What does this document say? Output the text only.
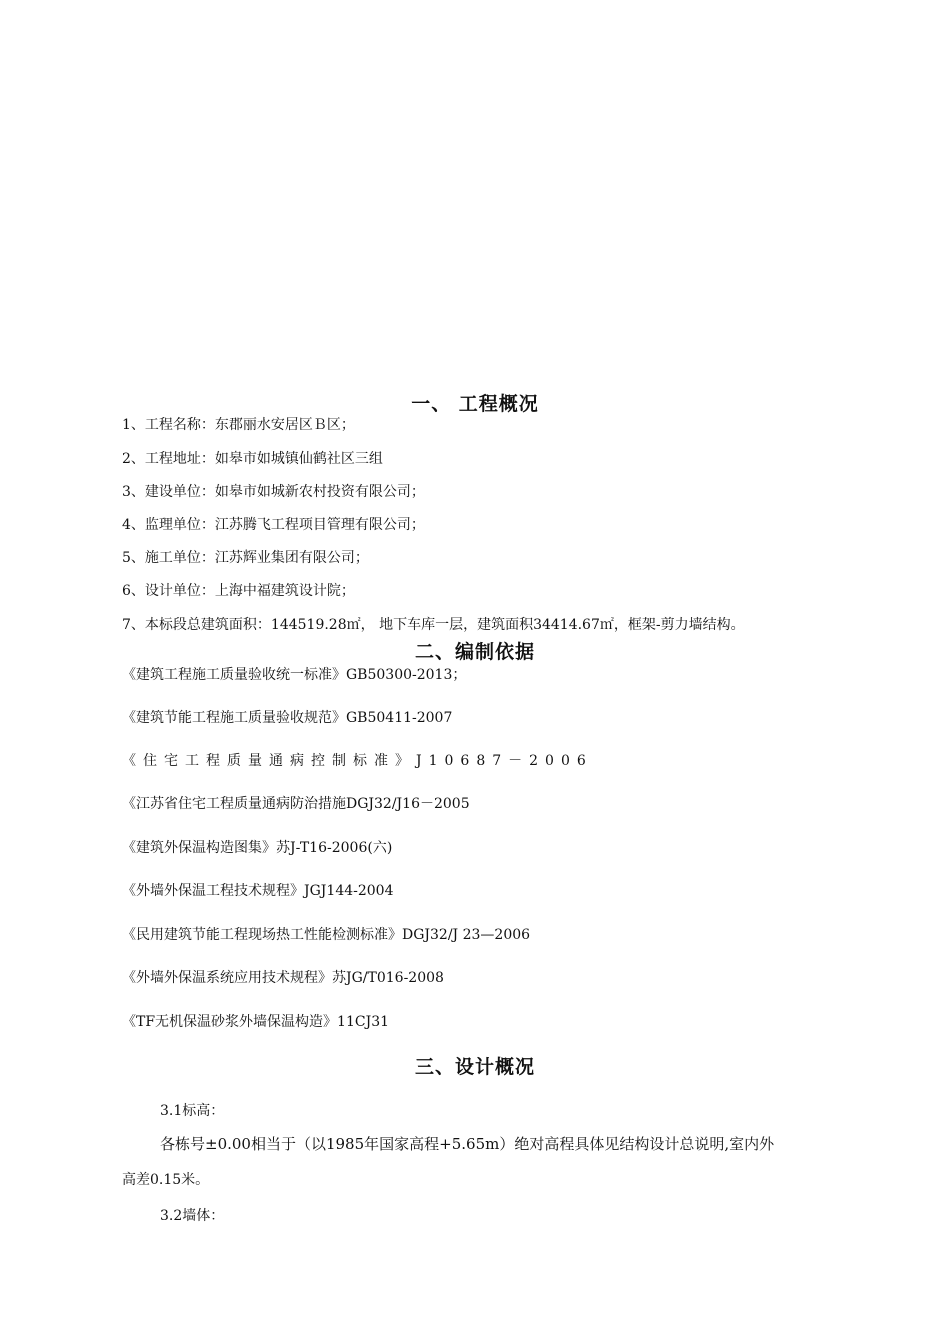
一、 工程概况
1、工程名称：东郡丽水安居区Ｂ区；
2、工程地址：如皋市如城镇仙鹤社区三组
3、建设单位：如皋市如城新农村投资有限公司；
4、监理单位：江苏腾飞工程项目管理有限公司；
5、施工单位：江苏辉业集团有限公司；
6、设计单位：上海中福建筑设计院；
7、本标段总建筑面积：144519.28㎡， 地下车库一层，建筑面积34414.67㎡，框架-剪力墙结构。
二、编制依据
《建筑工程施工质量验收统一标准》GB50300-2013；
《建筑节能工程施工质量验收规范》GB50411-2007
《住宅工程质量通病控制标准》J10687－2006
《江苏省住宅工程质量通病防治措施DGJ32/J16－2005
《建筑外保温构造图集》苏J-T16-2006(六)
《外墙外保温工程技术规程》JGJ144-2004
《民用建筑节能工程现场热工性能检测标准》DGJ32/J 23—2006
《外墙外保温系统应用技术规程》苏JG/T016-2008
《TF无机保温砂浆外墙保温构造》11CJ31
三、设计概况
3.1标高：
各栋号±0.00相当于（以1985年国家高程+5.65m）绝对高程具体见结构设计总说明,室内外
高差0.15米。
3.2墙体：
